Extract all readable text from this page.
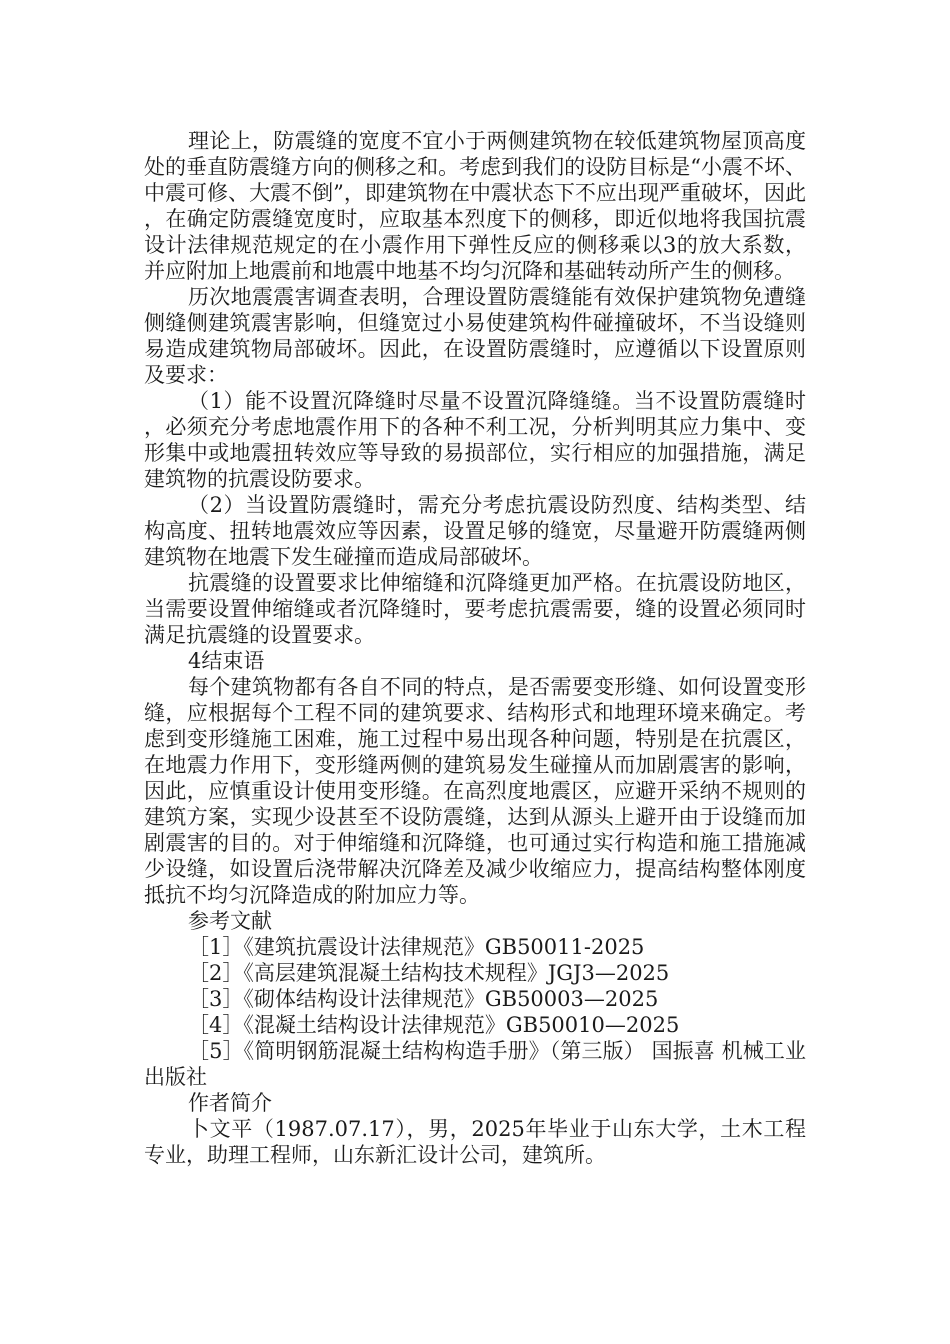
理论上，防震缝的宽度不宜小于两侧建筑物在较低建筑物屋顶高度处的垂直防震缝方向的侧移之和。考虑到我们的设防目标是“小震不坏、中震可修、大震不倒”，即建筑物在中震状态下不应出现严重破坏，因此，在确定防震缝宽度时，应取基本烈度下的侧移，即近似地将我国抗震设计法律规范规定的在小震作用下弹性反应的侧移乘以3的放大系数，并应附加上地震前和地震中地基不均匀沉降和基础转动所产生的侧移。

历次地震震害调查表明，合理设置防震缝能有效保护建筑物免遭缝侧缝侧建筑震害影响，但缝宽过小易使建筑构件碰撞破坏，不当设缝则易造成建筑物局部破坏。因此，在设置防震缝时，应遵循以下设置原则及要求：

（1）能不设置沉降缝时尽量不设置沉降缝缝。当不设置防震缝时，必须充分考虑地震作用下的各种不利工况，分析判明其应力集中、变形集中或地震扭转效应等导致的易损部位，实行相应的加强措施，满足建筑物的抗震设防要求。

（2）当设置防震缝时，需充分考虑抗震设防烈度、结构类型、结构高度、扭转地震效应等因素，设置足够的缝宽，尽量避开防震缝两侧建筑物在地震下发生碰撞而造成局部破坏。

抗震缝的设置要求比伸缩缝和沉降缝更加严格。在抗震设防地区，当需要设置伸缩缝或者沉降缝时，要考虑抗震需要，缝的设置必须同时满足抗震缝的设置要求。

4结束语

每个建筑物都有各自不同的特点，是否需要变形缝、如何设置变形缝，应根据每个工程不同的建筑要求、结构形式和地理环境来确定。考虑到变形缝施工困难，施工过程中易出现各种问题，特别是在抗震区，在地震力作用下，变形缝两侧的建筑易发生碰撞从而加剧震害的影响，因此，应慎重设计使用变形缝。在高烈度地震区，应避开采纳不规则的建筑方案，实现少设甚至不设防震缝，达到从源头上避开由于设缝而加剧震害的目的。对于伸缩缝和沉降缝，也可通过实行构造和施工措施减少设缝，如设置后浇带解决沉降差及减少收缩应力，提高结构整体刚度抵抗不均匀沉降造成的附加应力等。

参考文献

［1］《建筑抗震设计法律规范》GB50011-2025

［2］《高层建筑混凝土结构技术规程》JGJ3—2025

［3］《砌体结构设计法律规范》GB50003—2025

［4］《混凝土结构设计法律规范》GB50010—2025

［5］《简明钢筋混凝土结构构造手册》（第三版） 国振喜 机械工业出版社

作者简介

卜文平（1987.07.17），男，2025年毕业于山东大学，土木工程专业，助理工程师，山东新汇设计公司，建筑所。
